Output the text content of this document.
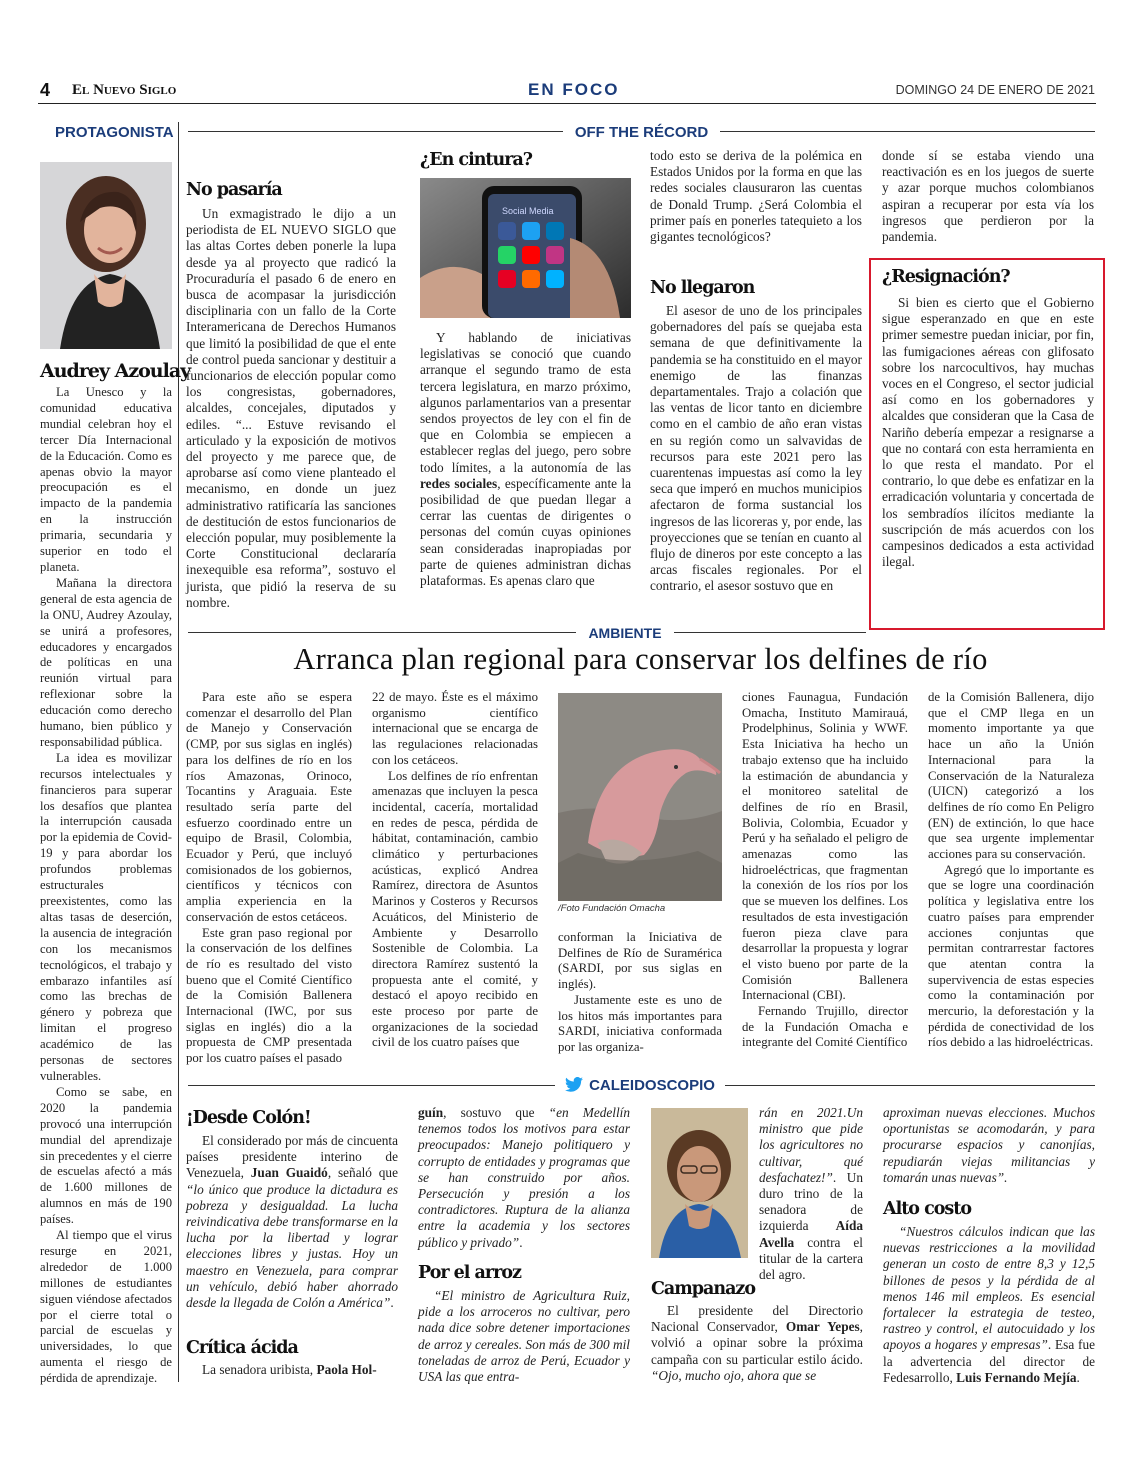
4 El Nuevo Siglo	EN FOCO	DOMINGO 24 DE ENERO DE 2021
PROTAGONISTA
Audrey Azoulay

La Unesco y la comunidad educativa mundial celebran hoy el tercer Día Internacional de la Educación. Como es apenas obvio la mayor preocupación es el impacto de la pandemia en la instrucción primaria, secundaria y superior en todo el planeta.

Mañana la directora general de esta agencia de la ONU, Audrey Azoulay, se unirá a profesores, educadores y encargados de políticas en una reunión virtual para reflexionar sobre la educación como derecho humano, bien público y responsabilidad pública.

La idea es movilizar recursos intelectuales y financieros para superar los desafíos que plantea la interrupción causada por la epidemia de Covid-19 y para abordar los profundos problemas estructurales preexistentes, como las altas tasas de deserción, la ausencia de integración con los mecanismos tecnológicos, el trabajo y embarazo infantiles así como las brechas de género y pobreza que limitan el progreso académico de las personas de sectores vulnerables.

Como se sabe, en 2020 la pandemia provocó una interrupción mundial del aprendizaje sin precedentes y el cierre de escuelas afectó a más de 1.600 millones de alumnos en más de 190 países.

Al tiempo que el virus resurge en 2021, alrededor de 1.000 millones de estudiantes siguen viéndose afectados por el cierre total o parcial de escuelas y universidades, lo que aumenta el riesgo de pérdida de aprendizaje.

OFF THE RÉCORD
No pasaría

Un exmagistrado le dijo a un periodista de EL NUEVO SIGLO que las altas Cortes deben ponerle la lupa desde ya al proyecto que radicó la Procuraduría el pasado 6 de enero en busca de acompasar la jurisdicción disciplinaria con un fallo de la Corte Interamericana de Derechos Humanos que limitó la posibilidad de que el ente de control pueda sancionar y destituir a funcionarios de elección popular como los congresistas, gobernadores, alcaldes, concejales, diputados y ediles. “... Estuve revisando el articulado y la exposición de motivos del proyecto y me parece que, de aprobarse así como viene planteado el mecanismo, en donde un juez administrativo ratificaría las sanciones de destitución de estos funcionarios de elección popular, muy posiblemente la Corte Constitucional declararía inexequible esa reforma”, sostuvo el jurista, que pidió la reserva de su nombre.

¿En cintura?
Social Media

Y hablando de iniciativas legislativas se conoció que cuando arranque el segundo tramo de esta tercera legislatura, en marzo próximo, algunos parlamentarios van a presentar sendos proyectos de ley con el fin de que en Colombia se empiecen a establecer reglas del juego, pero sobre todo límites, a la autonomía de las redes sociales, específicamente ante la posibilidad de que puedan llegar a cerrar las cuentas de dirigentes o personas del común cuyas opiniones sean consideradas inapropiadas por parte de quienes administran dichas plataformas. Es apenas claro que

todo esto se deriva de la polémica en Estados Unidos por la forma en que las redes sociales clausuraron las cuentas de Donald Trump. ¿Será Colombia el primer país en ponerles tatequieto a los gigantes tecnológicos?

No llegaron

El asesor de uno de los principales gobernadores del país se quejaba esta semana de que definitivamente la pandemia se ha constituido en el mayor enemigo de las finanzas departamentales. Trajo a colación que las ventas de licor tanto en diciembre como en el cambio de año eran vistas en su región como un salvavidas de recursos para este 2021 pero las cuarentenas impuestas así como la ley seca que imperó en muchos municipios afectaron de forma sustancial los ingresos de las licoreras y, por ende, las proyecciones que se tenían en cuanto al flujo de dineros por este concepto a las arcas fiscales regionales. Por el contrario, el asesor sostuvo que en

donde sí se estaba viendo una reactivación es en los juegos de suerte y azar porque muchos colombianos aspiran a recuperar por esta vía los ingresos que perdieron por la pandemia.

¿Resignación?

Si bien es cierto que el Gobierno sigue esperanzado en que en este primer semestre puedan iniciar, por fin, las fumigaciones aéreas con glifosato sobre los narcocultivos, hay muchas voces en el Congreso, el sector judicial así como en los gobernadores y alcaldes que consideran que la Casa de Nariño debería empezar a resignarse a que no contará con esta herramienta en lo que resta el mandato. Por el contrario, lo que debe es enfatizar en la erradicación voluntaria y concertada de los sembradíos ilícitos mediante la suscripción de más acuerdos con los campesinos dedicados a esta actividad ilegal.

AMBIENTE
Arranca plan regional para conservar los delfines de río

Para este año se espera comenzar el desarrollo del Plan de Manejo y Conservación (CMP, por sus siglas en inglés) para los delfines de río en los ríos Amazonas, Orinoco, Tocantins y Araguaia. Este resultado sería parte del esfuerzo coordinado entre un equipo de Brasil, Colombia, Ecuador y Perú, que incluyó comisionados de los gobiernos, científicos y técnicos con amplia experiencia en la conservación de estos cetáceos.

Este gran paso regional por la conservación de los delfines de río es resultado del visto bueno que el Comité Científico de la Comisión Ballenera Internacional (IWC, por sus siglas en inglés) dio a la propuesta de CMP presentada por los cuatro países el pasado

22 de mayo. Éste es el máximo organismo científico internacional que se encarga de las regulaciones relacionadas con los cetáceos.

Los delfines de río enfrentan amenazas que incluyen la pesca incidental, cacería, mortalidad en redes de pesca, pérdida de hábitat, contaminación, cambio climático y perturbaciones acústicas, explicó Andrea Ramírez, directora de Asuntos Marinos y Costeros y Recursos Acuáticos, del Ministerio de Ambiente y Desarrollo Sostenible de Colombia. La directora Ramírez sustentó la propuesta ante el comité, y destacó el apoyo recibido en este proceso por parte de organizaciones de la sociedad civil de los cuatro países que

/Foto Fundación Omacha

conforman la Iniciativa de Delfines de Río de Suramérica (SARDI, por sus siglas en inglés).

Justamente este es uno de los hitos más importantes para SARDI, iniciativa conformada por las organiza-

ciones Faunagua, Fundación Omacha, Instituto Mamirauá, Prodelphinus, Solinia y WWF. Esta Iniciativa ha hecho un trabajo extenso que ha incluido la estimación de abundancia y el monitoreo satelital de delfines de río en Brasil, Bolivia, Colombia, Ecuador y Perú y ha señalado el peligro de amenazas como las hidroeléctricas, que fragmentan la conexión de los ríos por los que se mueven los delfines. Los resultados de esta investigación fueron pieza clave para desarrollar la propuesta y lograr el visto bueno por parte de la Comisión Ballenera Internacional (CBI).

Fernando Trujillo, director de la Fundación Omacha e integrante del Comité Científico

de la Comisión Ballenera, dijo que el CMP llega en un momento importante ya que hace un año la Unión Internacional para la Conservación de la Naturaleza (UICN) categorizó a los delfines de río como En Peligro (EN) de extinción, lo que hace que sea urgente implementar acciones para su conservación.

Agregó que lo importante es que se logre una coordinación política y legislativa entre los cuatro países para emprender acciones conjuntas que permitan contrarrestar factores que atentan contra la supervivencia de estas especies como la contaminación por mercurio, la deforestación y la pérdida de conectividad de los ríos debido a las hidroeléctricas.

CALEIDOSCOPIO
¡Desde Colón!

El considerado por más de cincuenta países presidente interino de Venezuela, Juan Guaidó, señaló que “lo único que produce la dictadura es pobreza y desigualdad. La lucha reivindicativa debe transformarse en la lucha por la libertad y lograr elecciones libres y justas. Hoy un maestro en Venezuela, para comprar un vehículo, debió haber ahorrado desde la llegada de Colón a América”.

Crítica ácida

La senadora uribista, Paola Hol-

guín, sostuvo que “en Medellín tenemos todos los motivos para estar preocupados: Manejo politiquero y corrupto de entidades y programas que se han construido por años. Persecución y presión a los contradictores. Ruptura de la alianza entre la academia y los sectores público y privado”.

Por el arroz

“El ministro de Agricultura Ruiz, pide a los arroceros no cultivar, pero nada dice sobre detener importaciones de arroz y cereales. Son más de 300 mil toneladas de arroz de Perú, Ecuador y USA las que entra-

rán en 2021.Un ministro que pide los agricultores no cultivar, qué desfachatez!”. Un duro trino de la senadora de izquierda Aída Avella contra el titular de la cartera del agro.

Campanazo

El presidente del Directorio Nacional Conservador, Omar Yepes, volvió a opinar sobre la próxima campaña con su particular estilo ácido. “Ojo, mucho ojo, ahora que se

aproximan nuevas elecciones. Muchos oportunistas se acomodarán, y para procurarse espacios y canonjías, repudiarán viejas militancias y tomarán unas nuevas”.

Alto costo

“Nuestros cálculos indican que las nuevas restricciones a la movilidad generan un costo de entre 8,3 y 12,5 billones de pesos y la pérdida de al menos 146 mil empleos. Es esencial fortalecer la estrategia de testeo, rastreo y control, el autocuidado y los apoyos a hogares y empresas”. Esa fue la advertencia del director de Fedesarrollo, Luis Fernando Mejía.
